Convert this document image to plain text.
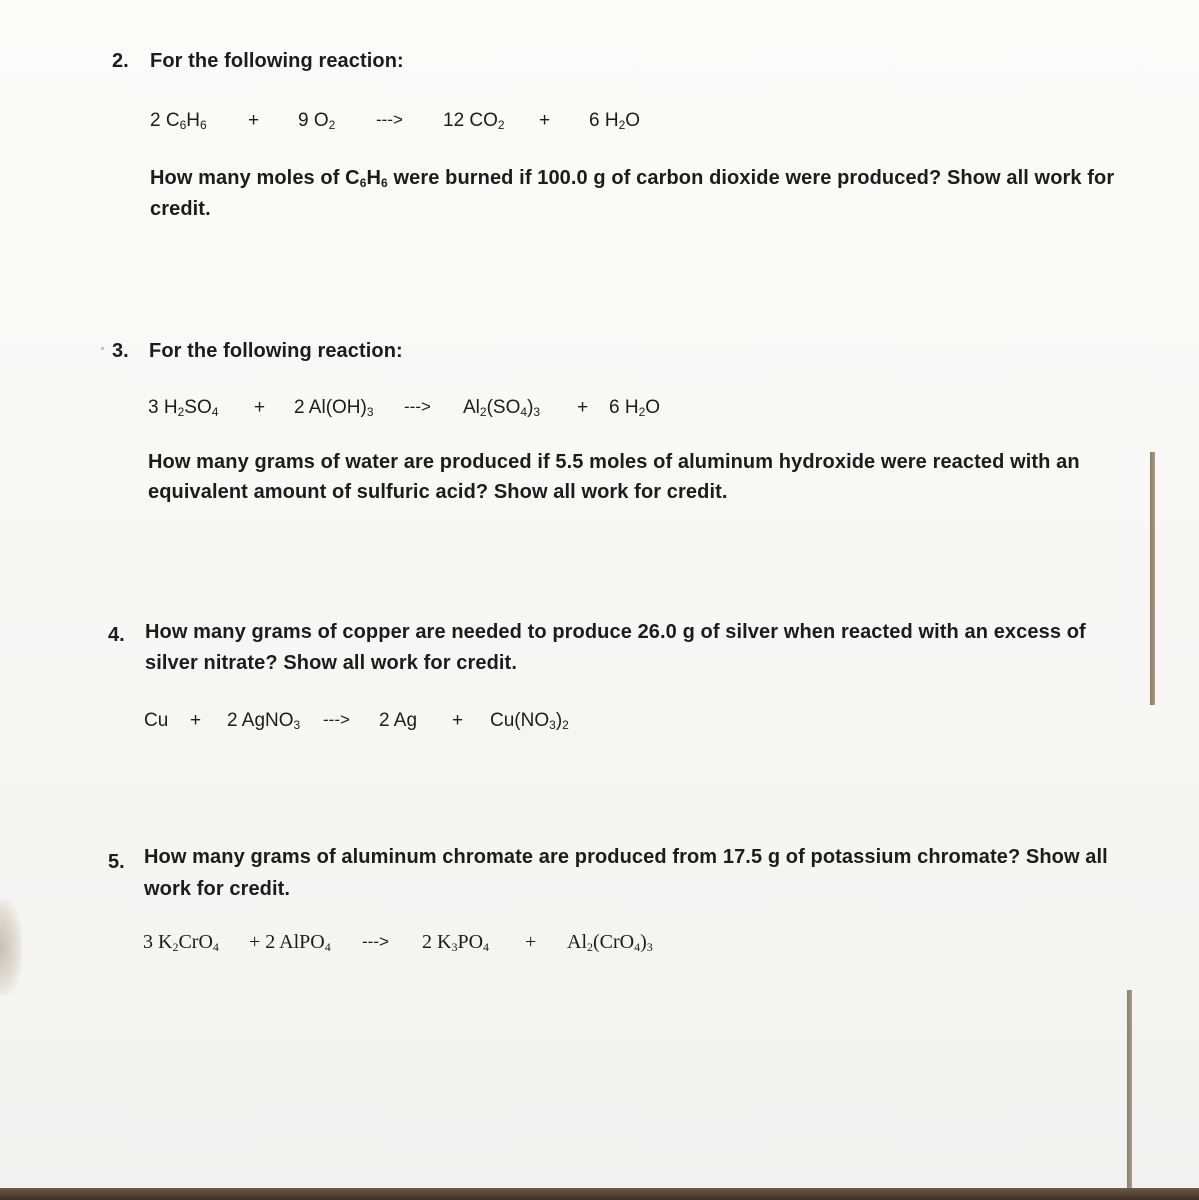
2. For the following reaction:
2 $C_6H_6 + 9$ $O_2$ ---> 12 $CO_2 + 6$ $H_2O$
How many moles of $C_6H_6$ were burned if 100.0 g of carbon dioxide were produced? Show all work for
credit.
3. For the following reaction:
3 $H_2SO_4 + 2$ $Al(OH)_3$ ---> $Al_2(SO_4)_3 + 6$ $H_2O$
How many grams of water are produced if 5.5 moles of aluminum hydroxide were reacted with an
equivalent amount of sulfuric acid? Show all work for credit.
4. How many grams of copper are needed to produce 26.0 g of silver when reacted with an excess of
silver nitrate? Show all work for credit.
Cu + 2 AgNO$_3$ ---> 2 $Ag + Cu(NO_3)_2$
5. How many grams of aluminum chromate are produced from 17.5 g of potassium chromate? Show all
work for credit.
3 $K_2CrO_4 + 2$ AlPO$_4$ ---> 2 $K_3PO_4 + Al_2(CrO_4)_3$
